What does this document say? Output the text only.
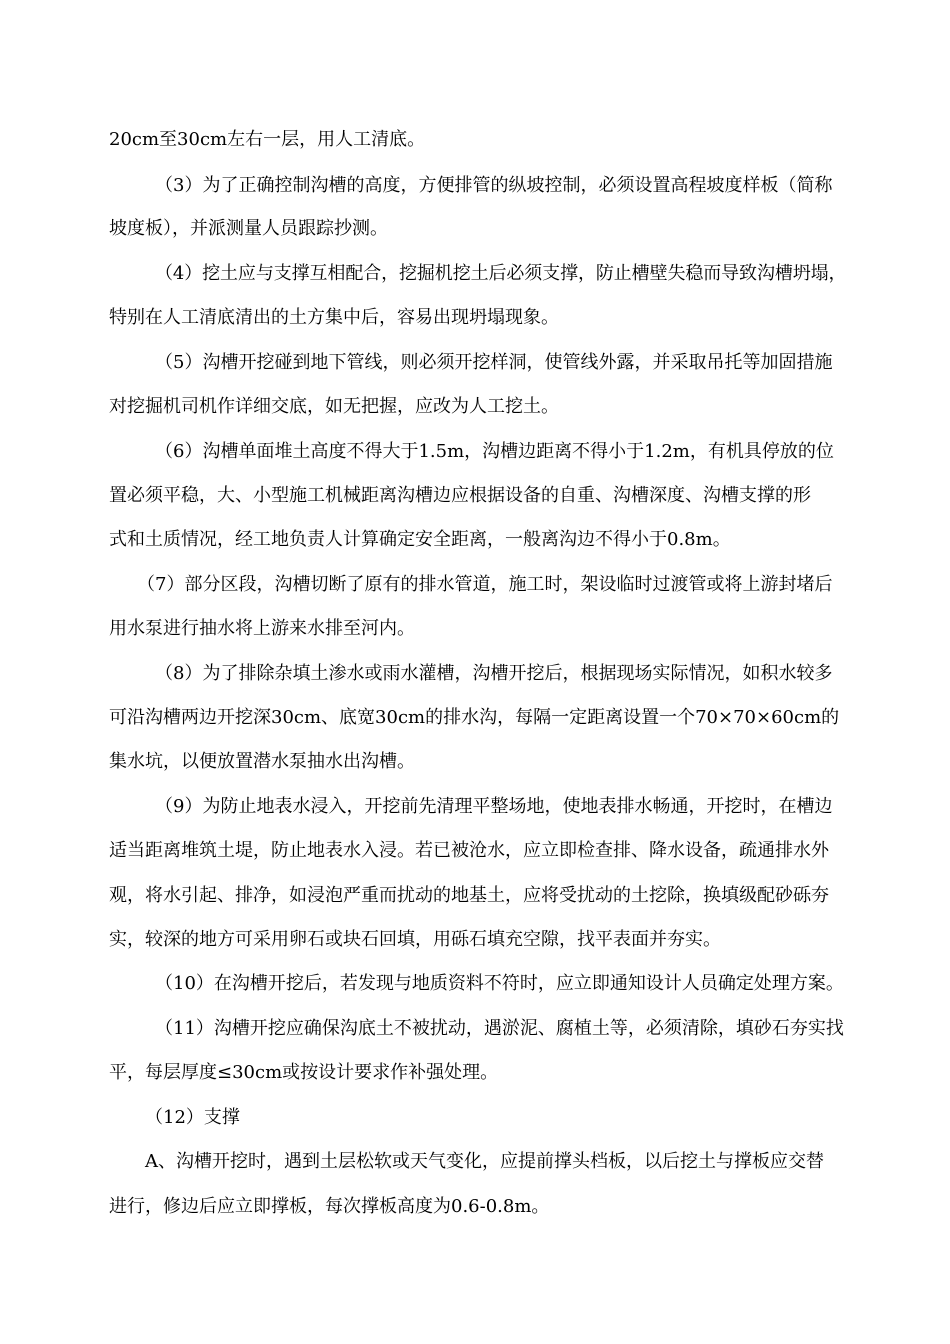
20cm至30cm左右一层，用人工清底。
（3）为了正确控制沟槽的高度，方便排管的纵坡控制，必须设置高程坡度样板（简称
坡度板），并派测量人员跟踪抄测。
（4）挖土应与支撑互相配合，挖掘机挖土后必须支撑，防止槽壁失稳而导致沟槽坍塌，
特别在人工清底清出的土方集中后，容易出现坍塌现象。
（5）沟槽开挖碰到地下管线，则必须开挖样洞，使管线外露，并采取吊托等加固措施
对挖掘机司机作详细交底，如无把握，应改为人工挖土。
（6）沟槽单面堆土高度不得大于1.5m，沟槽边距离不得小于1.2m，有机具停放的位
置必须平稳，大、小型施工机械距离沟槽边应根据设备的自重、沟槽深度、沟槽支撑的形
式和土质情况，经工地负责人计算确定安全距离，一般离沟边不得小于0.8m。
（7）部分区段，沟槽切断了原有的排水管道，施工时，架设临时过渡管或将上游封堵后
用水泵进行抽水将上游来水排至河内。
（8）为了排除杂填土渗水或雨水灌槽，沟槽开挖后，根据现场实际情况，如积水较多
可沿沟槽两边开挖深30cm、底宽30cm的排水沟，每隔一定距离设置一个70×70×60cm的
集水坑，以便放置潜水泵抽水出沟槽。
（9）为防止地表水浸入，开挖前先清理平整场地，使地表排水畅通，开挖时，在槽边
适当距离堆筑土堤，防止地表水入浸。若已被沧水，应立即检查排、降水设备，疏通排水外
观，将水引起、排净，如浸泡严重而扰动的地基土，应将受扰动的土挖除，换填级配砂砾夯
实，较深的地方可采用卵石或块石回填，用砾石填充空隙，找平表面并夯实。
（10）在沟槽开挖后，若发现与地质资料不符时，应立即通知设计人员确定处理方案。
（11）沟槽开挖应确保沟底土不被扰动，遇淤泥、腐植土等，必须清除，填砂石夯实找
平，每层厚度≤30cm或按设计要求作补强处理。
（12）支撑
A、沟槽开挖时，遇到土层松软或天气变化，应提前撑头档板，以后挖土与撑板应交替
进行，修边后应立即撑板，每次撑板高度为0.6-0.8m。
